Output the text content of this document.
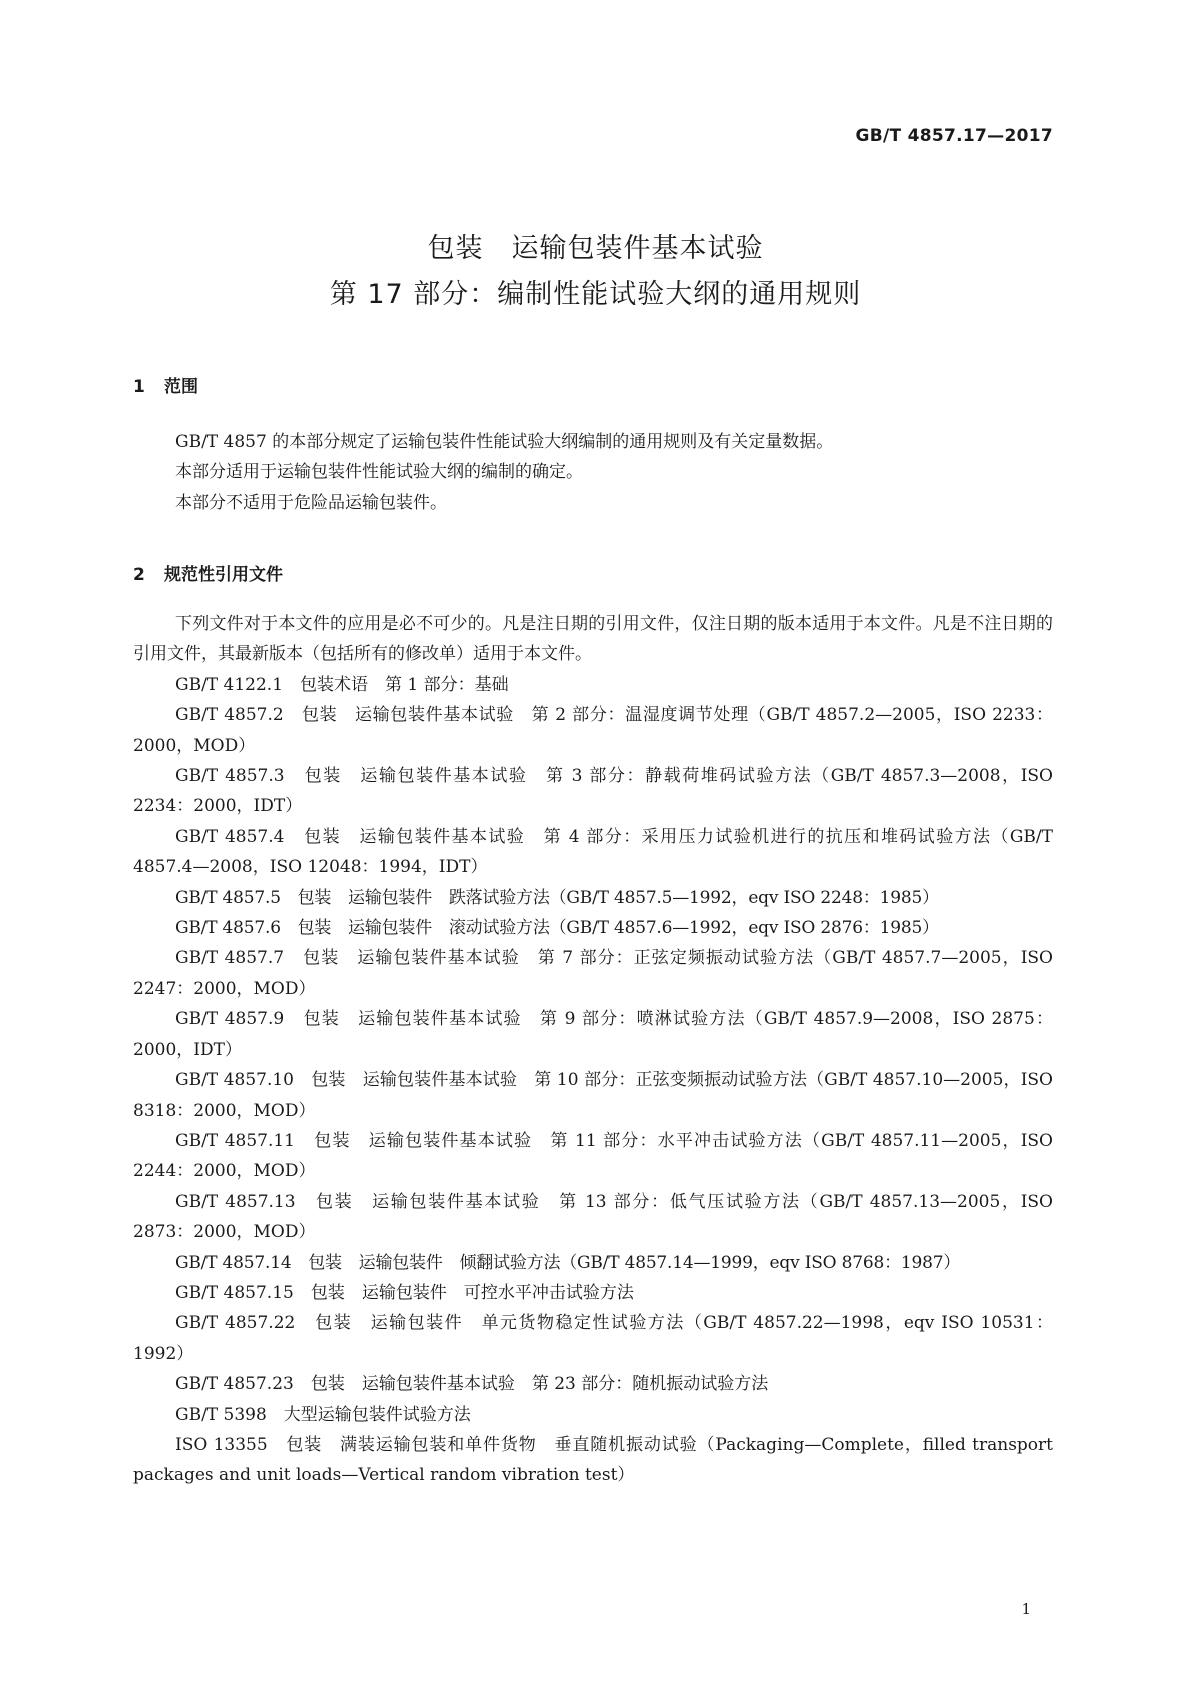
GB/T 4857.17—2017
包装　运输包装件基本试验
第 17 部分：编制性能试验大纲的通用规则
1 范围

GB/T 4857 的本部分规定了运输包装件性能试验大纲编制的通用规则及有关定量数据。

本部分适用于运输包装件性能试验大纲的编制的确定。

本部分不适用于危险品运输包装件。

2 规范性引用文件

下列文件对于本文件的应用是必不可少的。凡是注日期的引用文件，仅注日期的版本适用于本文件。凡是不注日期的引用文件，其最新版本（包括所有的修改单）适用于本文件。

GB/T 4122.1　包装术语　第 1 部分：基础

GB/T 4857.2　包装　运输包装件基本试验　第 2 部分：温湿度调节处理（GB/T 4857.2—2005，ISO 2233：2000，MOD）

GB/T 4857.3　包装　运输包装件基本试验　第 3 部分：静载荷堆码试验方法（GB/T 4857.3—2008，ISO 2234：2000，IDT）

GB/T 4857.4　包装　运输包装件基本试验　第 4 部分：采用压力试验机进行的抗压和堆码试验方法（GB/T 4857.4—2008，ISO 12048：1994，IDT）

GB/T 4857.5　包装　运输包装件　跌落试验方法（GB/T 4857.5—1992，eqv ISO 2248：1985）

GB/T 4857.6　包装　运输包装件　滚动试验方法（GB/T 4857.6—1992，eqv ISO 2876：1985）

GB/T 4857.7　包装　运输包装件基本试验　第 7 部分：正弦定频振动试验方法（GB/T 4857.7—2005，ISO 2247：2000，MOD）

GB/T 4857.9　包装　运输包装件基本试验　第 9 部分：喷淋试验方法（GB/T 4857.9—2008，ISO 2875：2000，IDT）

GB/T 4857.10　包装　运输包装件基本试验　第 10 部分：正弦变频振动试验方法（GB/T 4857.10—2005，ISO 8318：2000，MOD）

GB/T 4857.11　包装　运输包装件基本试验　第 11 部分：水平冲击试验方法（GB/T 4857.11—2005，ISO 2244：2000，MOD）

GB/T 4857.13　包装　运输包装件基本试验　第 13 部分：低气压试验方法（GB/T 4857.13—2005，ISO 2873：2000，MOD）

GB/T 4857.14　包装　运输包装件　倾翻试验方法（GB/T 4857.14—1999，eqv ISO 8768：1987）

GB/T 4857.15　包装　运输包装件　可控水平冲击试验方法

GB/T 4857.22　包装　运输包装件　单元货物稳定性试验方法（GB/T 4857.22—1998，eqv ISO 10531：1992）

GB/T 4857.23　包装　运输包装件基本试验　第 23 部分：随机振动试验方法

GB/T 5398　大型运输包装件试验方法

ISO 13355　包装　满装运输包装和单件货物　垂直随机振动试验（Packaging—Complete，filled transport packages and unit loads—Vertical random vibration test）

1
